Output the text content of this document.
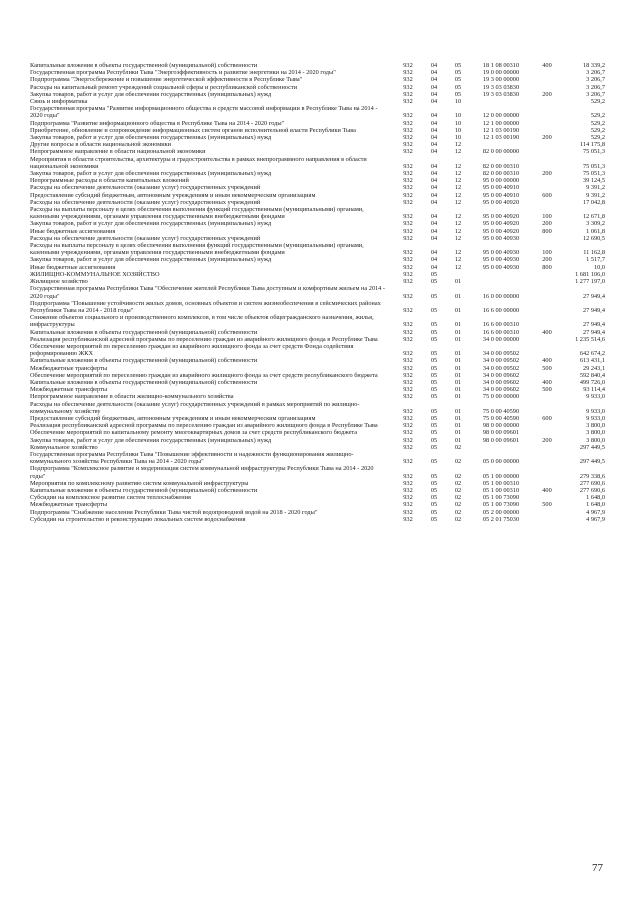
Капитальные вложения в объекты государственной (муниципальной) собственности	932	04	05	18 1 08 00310	400	18 339,2
Государственная программа Республики Тыва "Энергоэффективность и развитие энергетики на 2014 - 2020 годы"	932	04	05	19 0 00 00000	3 206,7
Подпрограмма "Энергосбережение и повышение энергетической эффективности в Республике Тыва"	932	04	05	19 3 00 00000	3 206,7
Расходы на капитальный ремонт учреждений социальной сферы и республиканской собственности	932	04	05	19 3 03 03830	3 206,7
Закупка товаров, работ и услуг для обеспечения государственных (муниципальных) нужд	932	04	05	19 3 03 03830	200	3 206,7
Связь и информатика	932	04	10	529,2
Государственная программа "Развитие информационного общества и средств массовой информации в Республике Тыва на 2014 - 2020 годы"	932	04	10	12 0 00 00000	529,2
Подпрограмма "Развитие информационного общества в Республике Тыва на 2014 - 2020 годы"	932	04	10	12 1 00 00000	529,2
Приобретение, обновление и сопровождение информационных систем органов исполнительной власти Республики Тыва	932	04	10	12 1 03 00190	529,2
Закупка товаров, работ и услуг для обеспечения государственных (муниципальных) нужд	932	04	10	12 1 03 00190	200	529,2
Другие вопросы в области национальной экономики	932	04	12	114 175,8
Непрограммное направление в области национальной экономики	932	04	12	82 0 00 00000	75 051,3
Мероприятия в области строительства, архитектуры и градостроительства в рамках внепрограммного направления в области национальной экономики	932	04	12	82 0 00 00310	75 051,3
Закупка товаров, работ и услуг для обеспечения государственных (муниципальных) нужд	932	04	12	82 0 00 00310	200	75 051,3
Непрограммные расходы в области капитальных вложений	932	04	12	95 0 00 00000	39 124,5
Расходы на обеспечение деятельности (оказание услуг) государственных учреждений	932	04	12	95 0 00 40910	9 391,2
Предоставление субсидий бюджетным, автономным учреждениям и иным некоммерческим организациям	932	04	12	95 0 00 40910	600	9 391,2
Расходы на обеспечение деятельности (оказание услуг) государственных учреждений	932	04	12	95 0 00 40920	17 042,8
Расходы на выплаты персоналу в целях обеспечения выполнения функций государственными (муниципальными) органами, казенными учреждениями, органами управления государственными внебюджетными фондами	932	04	12	95 0 00 40920	100	12 671,8
Закупка товаров, работ и услуг для обеспечения государственных (муниципальных) нужд	932	04	12	95 0 00 40920	200	3 309,2
Иные бюджетные ассигнования	932	04	12	95 0 00 40920	800	1 061,8
Расходы на обеспечение деятельности (оказание услуг) государственных учреждений	932	04	12	95 0 00 40930	12 690,5
Расходы на выплаты персоналу в целях обеспечения выполнения функций государственными (муниципальными) органами, казенными учреждениями, органами управления государственными внебюджетными фондами	932	04	12	95 0 00 40930	100	11 162,8
Закупка товаров, работ и услуг для обеспечения государственных (муниципальных) нужд	932	04	12	95 0 00 40930	200	1 517,7
Иные бюджетные ассигнования	932	04	12	95 0 00 40930	800	10,0
ЖИЛИЩНО-КОММУНАЛЬНОЕ ХОЗЯЙСТВО	932	05	1 681 106,0
Жилищное хозяйство	932	05	01	1 277 197,0
Государственная программа Республики Тыва "Обеспечение жителей Республики Тыва доступным и комфортным жильем на 2014 - 2020 годы"	932	05	01	16 0 00 00000	27 949,4
Подпрограмма "Повышение устойчивости жилых домов, основных объектов и систем жизнеобеспечения в сейсмических районах Республики Тыва на 2014 - 2018 годы"	932	05	01	16 6 00 00000	27 949,4
Снижение объектов социального и производственного комплексов, в том числе объектов общегражданского назначения, жилья, инфраструктуры	932	05	01	16 6 00 00310	27 949,4
Капитальные вложения в объекты государственной (муниципальной) собственности	932	05	01	16 6 00 00310	400	27 949,4
Реализация республиканской адресной программы по переселению граждан из аварийного жилищного фонда в Республике Тыва	932	05	01	34 0 00 00000	1 235 514,6
Обеспечение мероприятий по переселению граждан из аварийного жилищного фонда за счет средств Фонда содействия реформированию ЖКХ	932	05	01	34 0 00 09502	642 674,2
Капитальные вложения в объекты государственной (муниципальной) собственности	932	05	01	34 0 00 09502	400	613 431,1
Межбюджетные трансферты	932	05	01	34 0 00 09502	500	29 243,1
Обеспечение мероприятий по переселению граждан из аварийного жилищного фонда за счет средств республиканского бюджета	932	05	01	34 0 00 09602	592 840,4
Капитальные вложения в объекты государственной (муниципальной) собственности	932	05	01	34 0 00 09602	400	499 726,0
Межбюджетные трансферты	932	05	01	34 0 00 09602	500	93 114,4
Непрограммное направление в области жилищно-коммунального хозяйства	932	05	01	75 0 00 00000	9 933,0
Расходы на обеспечение деятельности (оказание услуг) государственных учреждений в рамках мероприятий по жилищно-коммунальному хозяйству	932	05	01	75 0 00 40590	9 933,0
Предоставление субсидий бюджетным, автономным учреждениям и иным некоммерческим организациям	932	05	01	75 0 00 40590	600	9 933,0
Реализация республиканской адресной программы по переселению граждан из аварийного жилищного фонда в Республике Тыва	932	05	01	98 0 00 00000	3 800,0
Обеспечение мероприятий по капитальному ремонту многоквартирных домов за счет средств республиканского бюджета	932	05	01	98 0 00 09601	3 800,0
Закупка товаров, работ и услуг для обеспечения государственных (муниципальных) нужд	932	05	01	98 0 00 09601	200	3 800,0
Коммунальное хозяйство	932	05	02	297 449,5
Государственная программа Республики Тыва "Повышение эффективности и надежности функционирования жилищно-коммунального хозяйства Республики Тыва на 2014 - 2020 годы"	932	05	02	05 0 00 00000	297 449,5
Подпрограмма "Комплексное развитие и модернизация систем коммунальной инфраструктуры Республики Тыва на 2014 - 2020 годы"	932	05	02	05 1 00 00000	279 338,6
Мероприятия по комплексному развитию систем коммунальной инфраструктуры	932	05	02	05 1 00 00310	277 690,6
Капитальные вложения в объекты государственной (муниципальной) собственности	932	05	02	05 1 00 00310	400	277 690,6
Субсидии на комплексное развитие систем теплоснабжения	932	05	02	05 1 00 73090	1 648,0
Межбюджетные трансферты	932	05	02	05 1 00 73090	500	1 648,0
Подпрограмма "Снабжение населения Республики Тыва чистой водопроводной водой на 2018 - 2020 годы"	932	05	02	05 2 00 00000	4 967,9
Субсидии на строительство и реконструкцию локальных систем водоснабжения	932	05	02	05 2 01 75030	4 967,9
77
